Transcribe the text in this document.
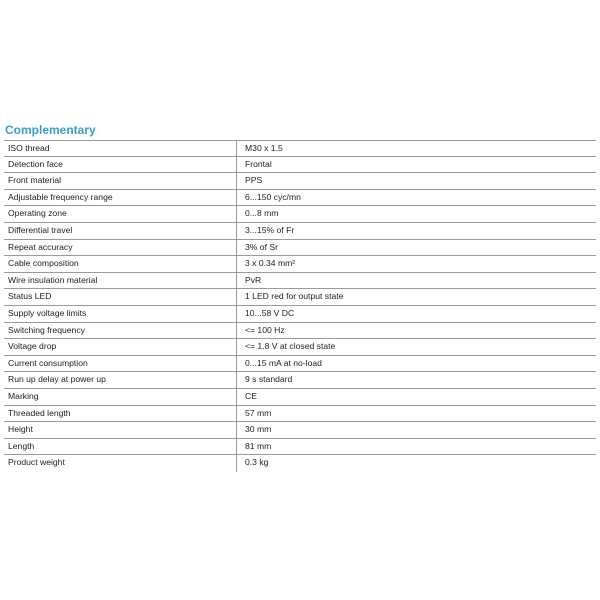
Complementary
ISO thread	M30 x 1.5
Detection face	Frontal
Front material	PPS
Adjustable frequency range	6...150 cyc/mn
Operating zone	0...8 mm
Differential travel	3...15% of Fr
Repeat accuracy	3% of Sr
Cable composition	3 x 0.34 mm²
Wire insulation material	PvR
Status LED	1 LED red for output state
Supply voltage limits	10...58 V DC
Switching frequency	<= 100 Hz
Voltage drop	<= 1.8 V at closed state
Current consumption	0...15 mA at no-load
Run up delay at power up	9 s standard
Marking	CE
Threaded length	57 mm
Height	30 mm
Length	81 mm
Product weight	0.3 kg
